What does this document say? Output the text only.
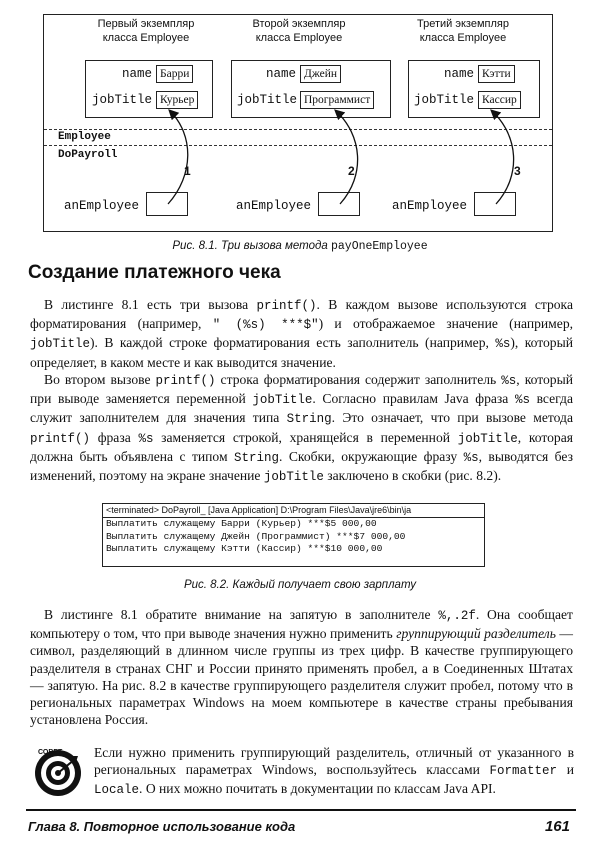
Первый экземпляр
класса Employee
Второй экземпляр
класса Employee
Третий экземпляр
класса Employee
name Барри
jobTitle Курьер
name Джейн
jobTitle Программист
name Кэтти
jobTitle Кассир
Employee
DoPayroll
anEmployee	anEmployee	anEmployee
1	2	3
Рис. 8.1. Три вызова метода payOneEmployee
Создание платежного чека
В листинге 8.1 есть три вызова printf(). В каждом вызове используются строка форматирования (например, " (%s) ***$") и отображаемое значение (например, jobTitle). В каждой строке форматирования есть заполнитель (например, %s), который определяет, в каком месте и как выводится значение.
Во втором вызове printf() строка форматирования содержит заполнитель %s, который при выводе заменяется переменной jobTitle. Согласно правилам Java фраза %s всегда служит заполнителем для значения типа String. Это означает, что при вызове метода printf() фраза %s заменяется строкой, хранящейся в переменной jobTitle, которая должна быть объявлена с типом String. Скобки, окружающие фразу %s, выводятся без изменений, поэтому на экране значение jobTitle заключено в скобки (рис. 8.2).
<terminated> DoPayroll_ [Java Application] D:\Program Files\Java\jre6\bin\ja
Выплатить служащему Барри (Курьер) ***$5 000,00
Выплатить служащему Джейн (Программист) ***$7 000,00
Выплатить служащему Кэтти (Кассир) ***$10 000,00
Рис. 8.2. Каждый получает свою зарплату
В листинге 8.1 обратите внимание на запятую в заполнителе %,.2f. Она сообщает компьютеру о том, что при выводе значения нужно применить группирующий разделитель — символ, разделяющий в длинном числе группы из трех цифр. В качестве группирующего разделителя в странах СНГ и России принято применять пробел, а в Соединенных Штатах — запятую. На рис. 8.2 в качестве группирующего разделителя служит пробел, потому что в региональных параметрах Windows на моем компьютере в качестве страны пребывания установлена Россия.
СОВЕТ Если нужно применить группирующий разделитель, отличный от указанного в региональных параметрах Windows, воспользуйтесь классами Formatter и Locale. О них можно почитать в документации по классам Java API.
Глава 8. Повторное использование кода	161
